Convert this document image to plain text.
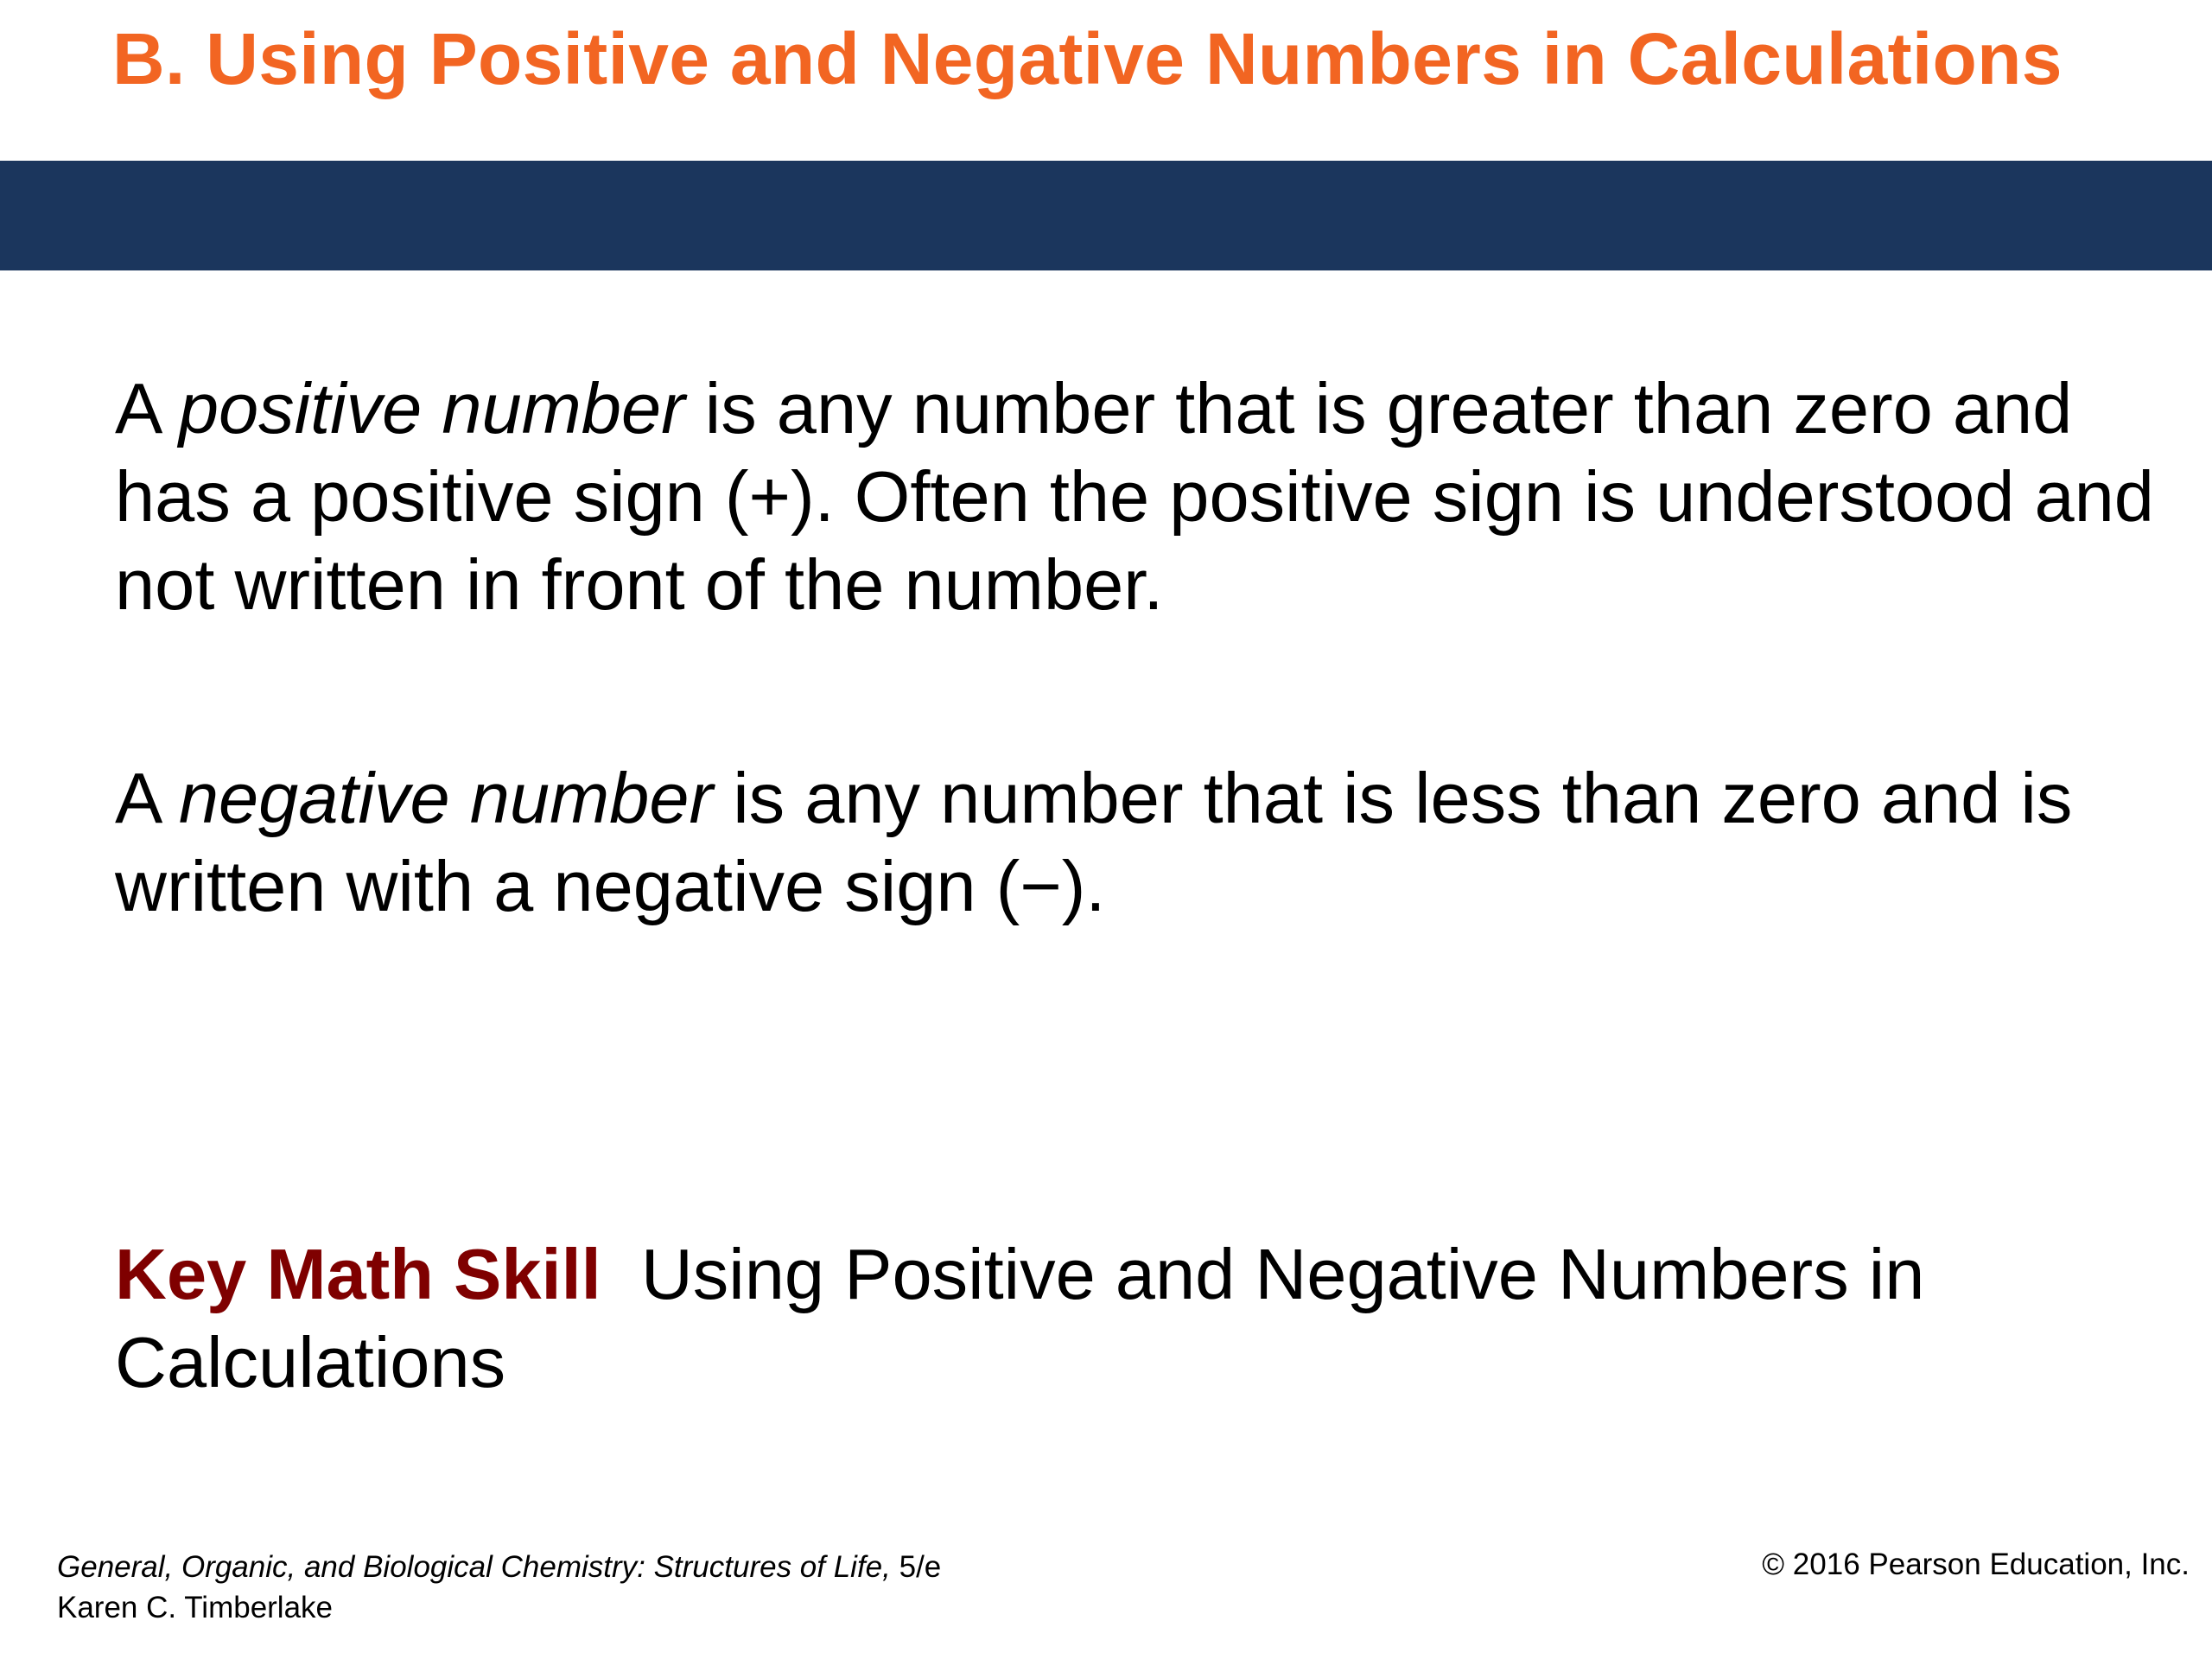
B. Using Positive and Negative Numbers in Calculations
A positive number is any number that is greater than zero and has a positive sign (+). Often the positive sign is understood and not written in front of the number.
A negative number is any number that is less than zero and is written with a negative sign (−).
Key Math Skill Using Positive and Negative Numbers in Calculations
General, Organic, and Biological Chemistry: Structures of Life, 5/e
Karen C. Timberlake
© 2016 Pearson Education, Inc.
